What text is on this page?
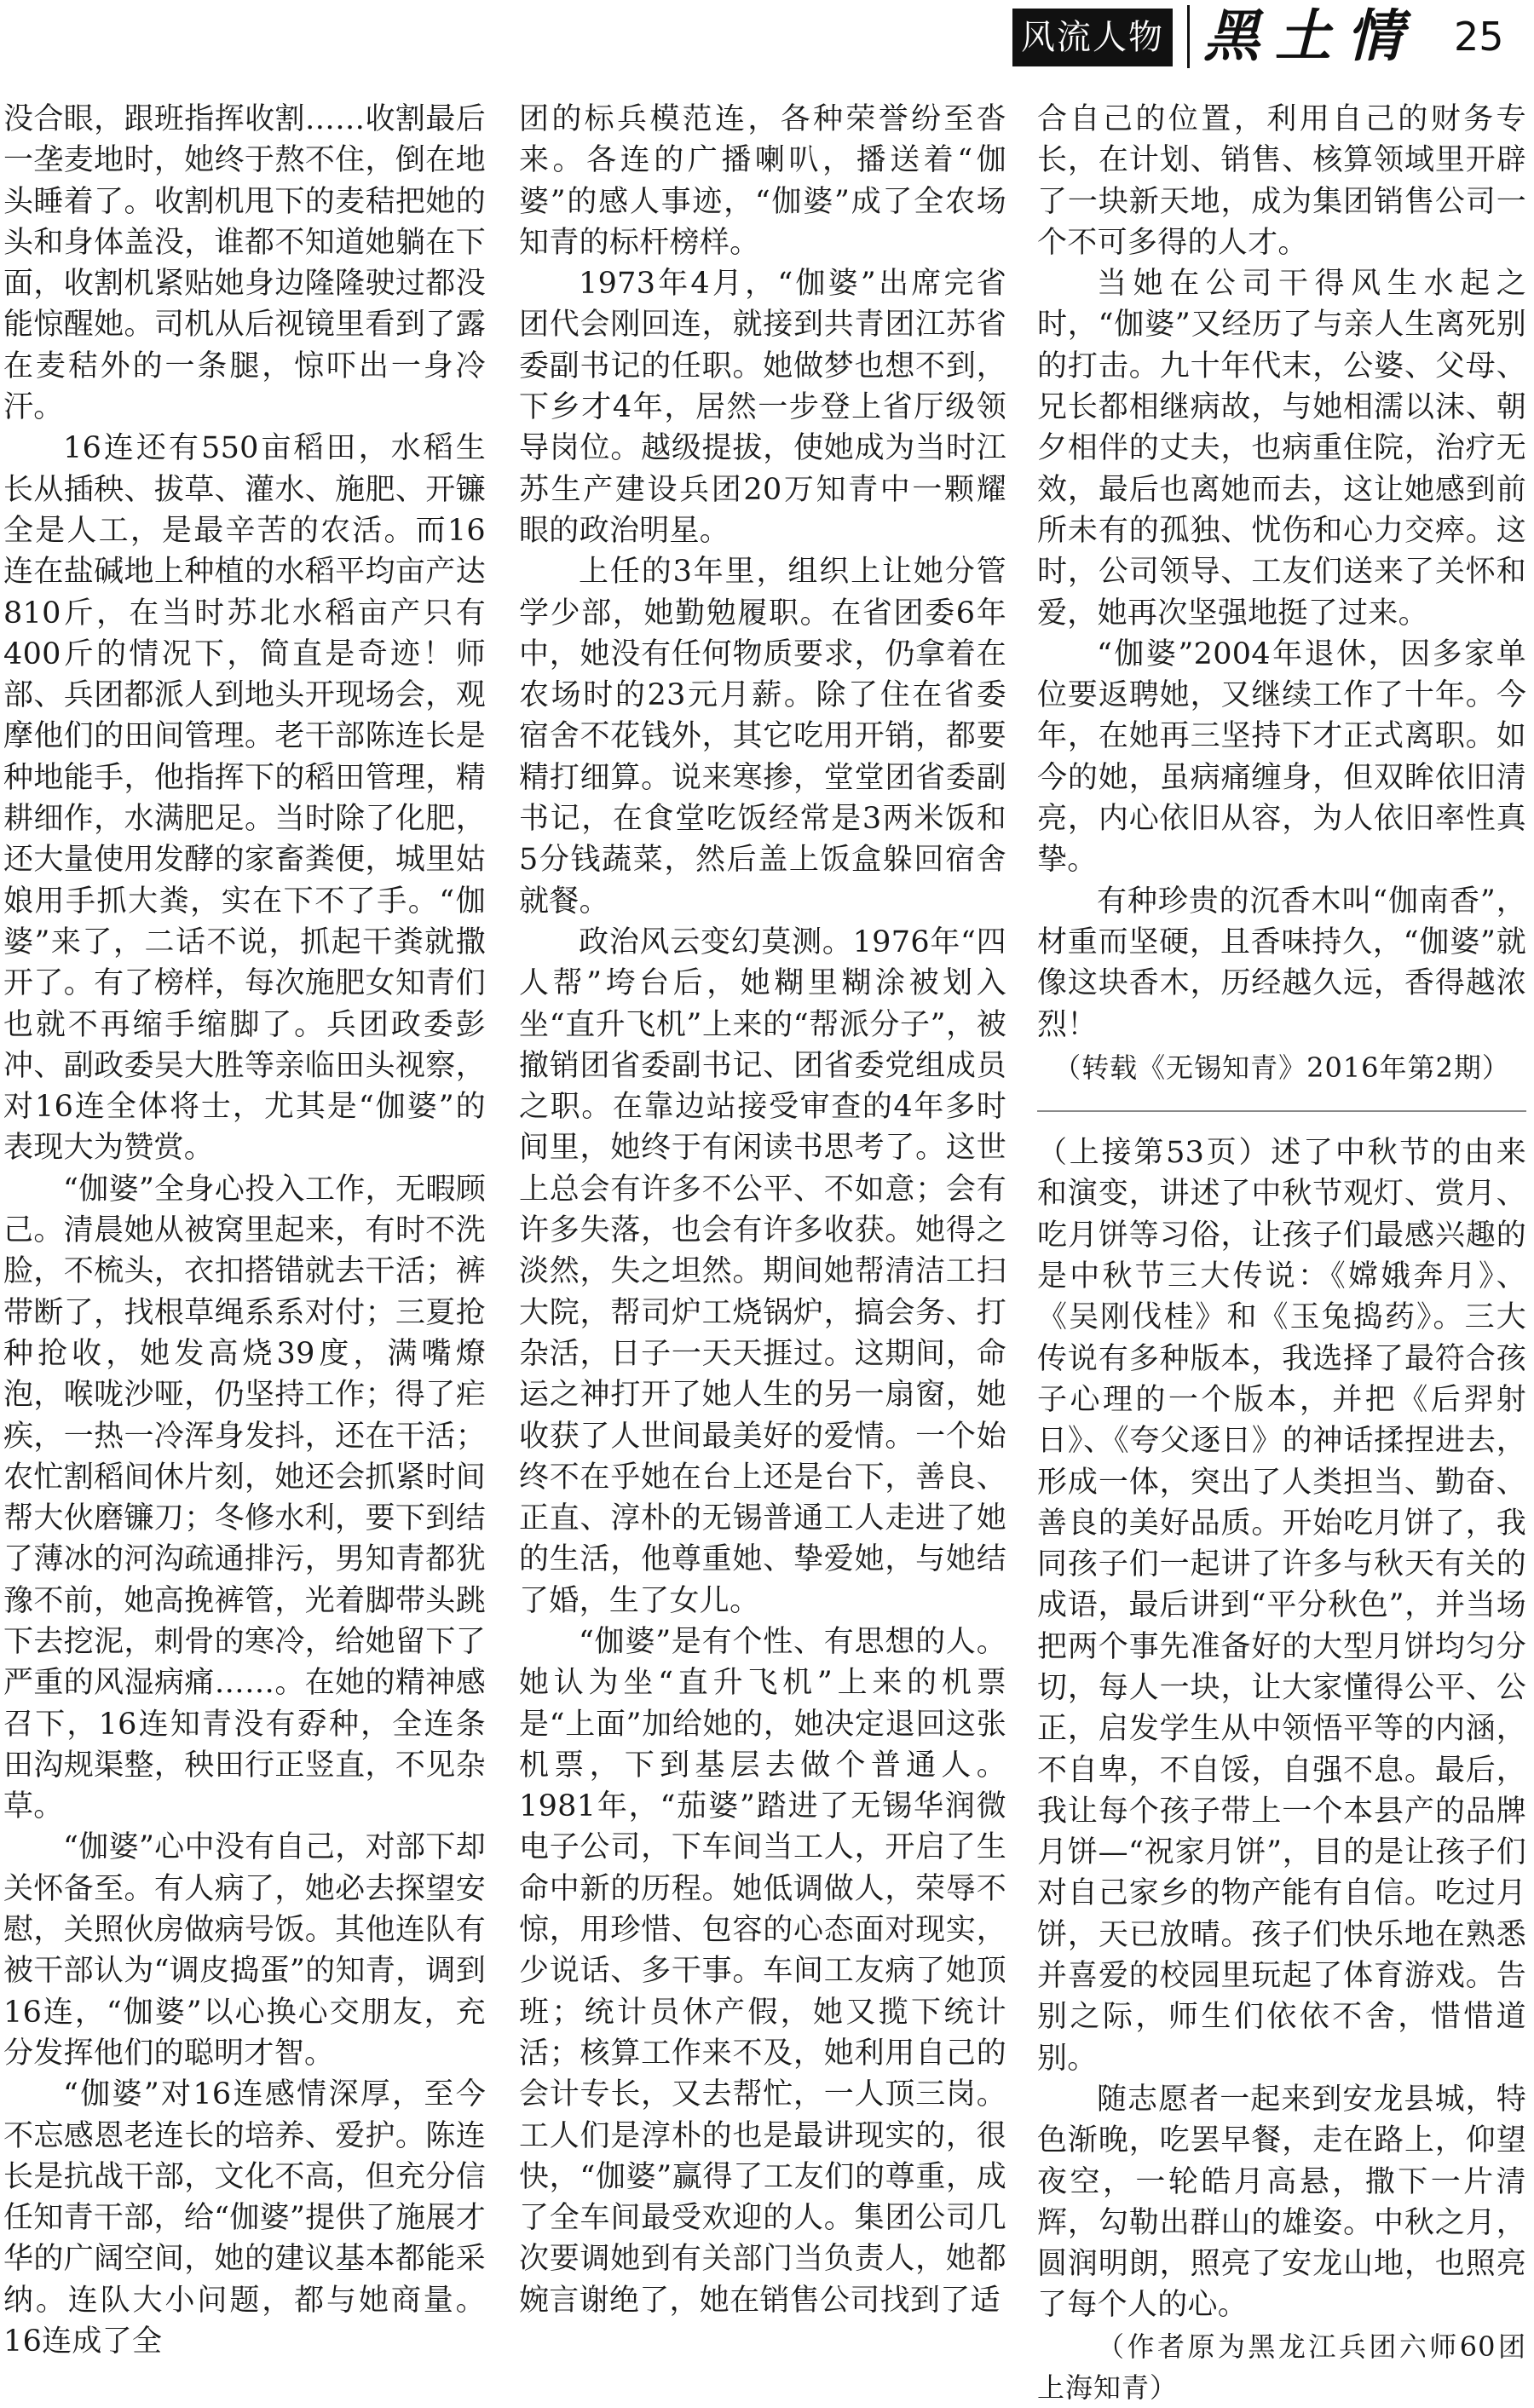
风流人物 黑土情 25

没合眼，跟班指挥收割……收割最后一垄麦地时，她终于熬不住，倒在地头睡着了。收割机甩下的麦秸把她的头和身体盖没，谁都不知道她躺在下面，收割机紧贴她身边隆隆驶过都没能惊醒她。司机从后视镜里看到了露在麦秸外的一条腿，惊吓出一身冷汗。

16连还有550亩稻田，水稻生长从插秧、拔草、灌水、施肥、开镰全是人工，是最辛苦的农活。而16连在盐碱地上种植的水稻平均亩产达810斤，在当时苏北水稻亩产只有400斤的情况下，简直是奇迹！师部、兵团都派人到地头开现场会，观摩他们的田间管理。老干部陈连长是种地能手，他指挥下的稻田管理，精耕细作，水满肥足。当时除了化肥，还大量使用发酵的家畜粪便，城里姑娘用手抓大粪，实在下不了手。“伽婆”来了，二话不说，抓起干粪就撒开了。有了榜样，每次施肥女知青们也就不再缩手缩脚了。兵团政委彭冲、副政委吴大胜等亲临田头视察，对16连全体将士，尤其是“伽婆”的表现大为赞赏。

“伽婆”全身心投入工作，无暇顾己。清晨她从被窝里起来，有时不洗脸，不梳头，衣扣搭错就去干活；裤带断了，找根草绳系系对付；三夏抢种抢收，她发高烧39度，满嘴燎泡，喉咙沙哑，仍坚持工作；得了疟疾，一热一冷浑身发抖，还在干活；农忙割稻间休片刻，她还会抓紧时间帮大伙磨镰刀；冬修水利，要下到结了薄冰的河沟疏通排污，男知青都犹豫不前，她高挽裤管，光着脚带头跳下去挖泥，刺骨的寒冷，给她留下了严重的风湿病痛……。在她的精神感召下，16连知青没有孬种，全连条田沟规渠整，秧田行正竖直，不见杂草。

“伽婆”心中没有自己，对部下却关怀备至。有人病了，她必去探望安慰，关照伙房做病号饭。其他连队有被干部认为“调皮捣蛋”的知青，调到16连，“伽婆”以心换心交朋友，充分发挥他们的聪明才智。

“伽婆”对16连感情深厚，至今不忘感恩老连长的培养、爱护。陈连长是抗战干部，文化不高，但充分信任知青干部，给“伽婆”提供了施展才华的广阔空间，她的建议基本都能采纳。连队大小问题，都与她商量。16连成了全

团的标兵模范连，各种荣誉纷至沓来。各连的广播喇叭，播送着“伽婆”的感人事迹，“伽婆”成了全农场知青的标杆榜样。

1973年4月，“伽婆”出席完省团代会刚回连，就接到共青团江苏省委副书记的任职。她做梦也想不到，下乡才4年，居然一步登上省厅级领导岗位。越级提拔，使她成为当时江苏生产建设兵团20万知青中一颗耀眼的政治明星。

上任的3年里，组织上让她分管学少部，她勤勉履职。在省团委6年中，她没有任何物质要求，仍拿着在农场时的23元月薪。除了住在省委宿舍不花钱外，其它吃用开销，都要精打细算。说来寒掺，堂堂团省委副书记，在食堂吃饭经常是3两米饭和5分钱蔬菜，然后盖上饭盒躲回宿舍就餐。

政治风云变幻莫测。1976年“四人帮”垮台后，她糊里糊涂被划入坐“直升飞机”上来的“帮派分子”，被撤销团省委副书记、团省委党组成员之职。在靠边站接受审查的4年多时间里，她终于有闲读书思考了。这世上总会有许多不公平、不如意；会有许多失落，也会有许多收获。她得之淡然，失之坦然。期间她帮清洁工扫大院，帮司炉工烧锅炉，搞会务、打杂活，日子一天天捱过。这期间，命运之神打开了她人生的另一扇窗，她收获了人世间最美好的爱情。一个始终不在乎她在台上还是台下，善良、正直、淳朴的无锡普通工人走进了她的生活，他尊重她、挚爱她，与她结了婚，生了女儿。

“伽婆”是有个性、有思想的人。她认为坐“直升飞机”上来的机票是“上面”加给她的，她决定退回这张机票，下到基层去做个普通人。1981年，“茄婆”踏进了无锡华润微电子公司，下车间当工人，开启了生命中新的历程。她低调做人，荣辱不惊，用珍惜、包容的心态面对现实，少说话、多干事。车间工友病了她顶班；统计员休产假，她又揽下统计活；核算工作来不及，她利用自己的会计专长，又去帮忙，一人顶三岗。工人们是淳朴的也是最讲现实的，很快，“伽婆”赢得了工友们的尊重，成了全车间最受欢迎的人。集团公司几次要调她到有关部门当负责人，她都婉言谢绝了，她在销售公司找到了适

合自己的位置，利用自己的财务专长，在计划、销售、核算领域里开辟了一块新天地，成为集团销售公司一个不可多得的人才。

当她在公司干得风生水起之时，“伽婆”又经历了与亲人生离死别的打击。九十年代末，公婆、父母、兄长都相继病故，与她相濡以沫、朝夕相伴的丈夫，也病重住院，治疗无效，最后也离她而去，这让她感到前所未有的孤独、忧伤和心力交瘁。这时，公司领导、工友们送来了关怀和爱，她再次坚强地挺了过来。

“伽婆”2004年退休，因多家单位要返聘她，又继续工作了十年。今年，在她再三坚持下才正式离职。如今的她，虽病痛缠身，但双眸依旧清亮，内心依旧从容，为人依旧率性真挚。

有种珍贵的沉香木叫“伽南香”，材重而坚硬，且香味持久，“伽婆”就像这块香木，历经越久远，香得越浓烈！

（转载《无锡知青》2016年第2期）

（上接第53页）述了中秋节的由来和演变，讲述了中秋节观灯、赏月、吃月饼等习俗，让孩子们最感兴趣的是中秋节三大传说：《嫦娥奔月》、《吴刚伐桂》和《玉兔捣药》。三大传说有多种版本，我选择了最符合孩子心理的一个版本，并把《后羿射日》、《夸父逐日》的神话揉捏进去，形成一体，突出了人类担当、勤奋、善良的美好品质。开始吃月饼了，我同孩子们一起讲了许多与秋天有关的成语，最后讲到“平分秋色”，并当场把两个事先准备好的大型月饼均匀分切，每人一块，让大家懂得公平、公正，启发学生从中领悟平等的内涵，不自卑，不自馁，自强不息。最后，我让每个孩子带上一个本县产的品牌月饼—“祝家月饼”，目的是让孩子们对自己家乡的物产能有自信。吃过月饼，天已放晴。孩子们快乐地在熟悉并喜爱的校园里玩起了体育游戏。告别之际，师生们依依不舍，惜惜道别。

随志愿者一起来到安龙县城，特色渐晚，吃罢早餐，走在路上，仰望夜空，一轮皓月高悬，撒下一片清辉，勾勒出群山的雄姿。中秋之月，圆润明朗，照亮了安龙山地，也照亮了每个人的心。

（作者原为黑龙江兵团六师60团上海知青）
